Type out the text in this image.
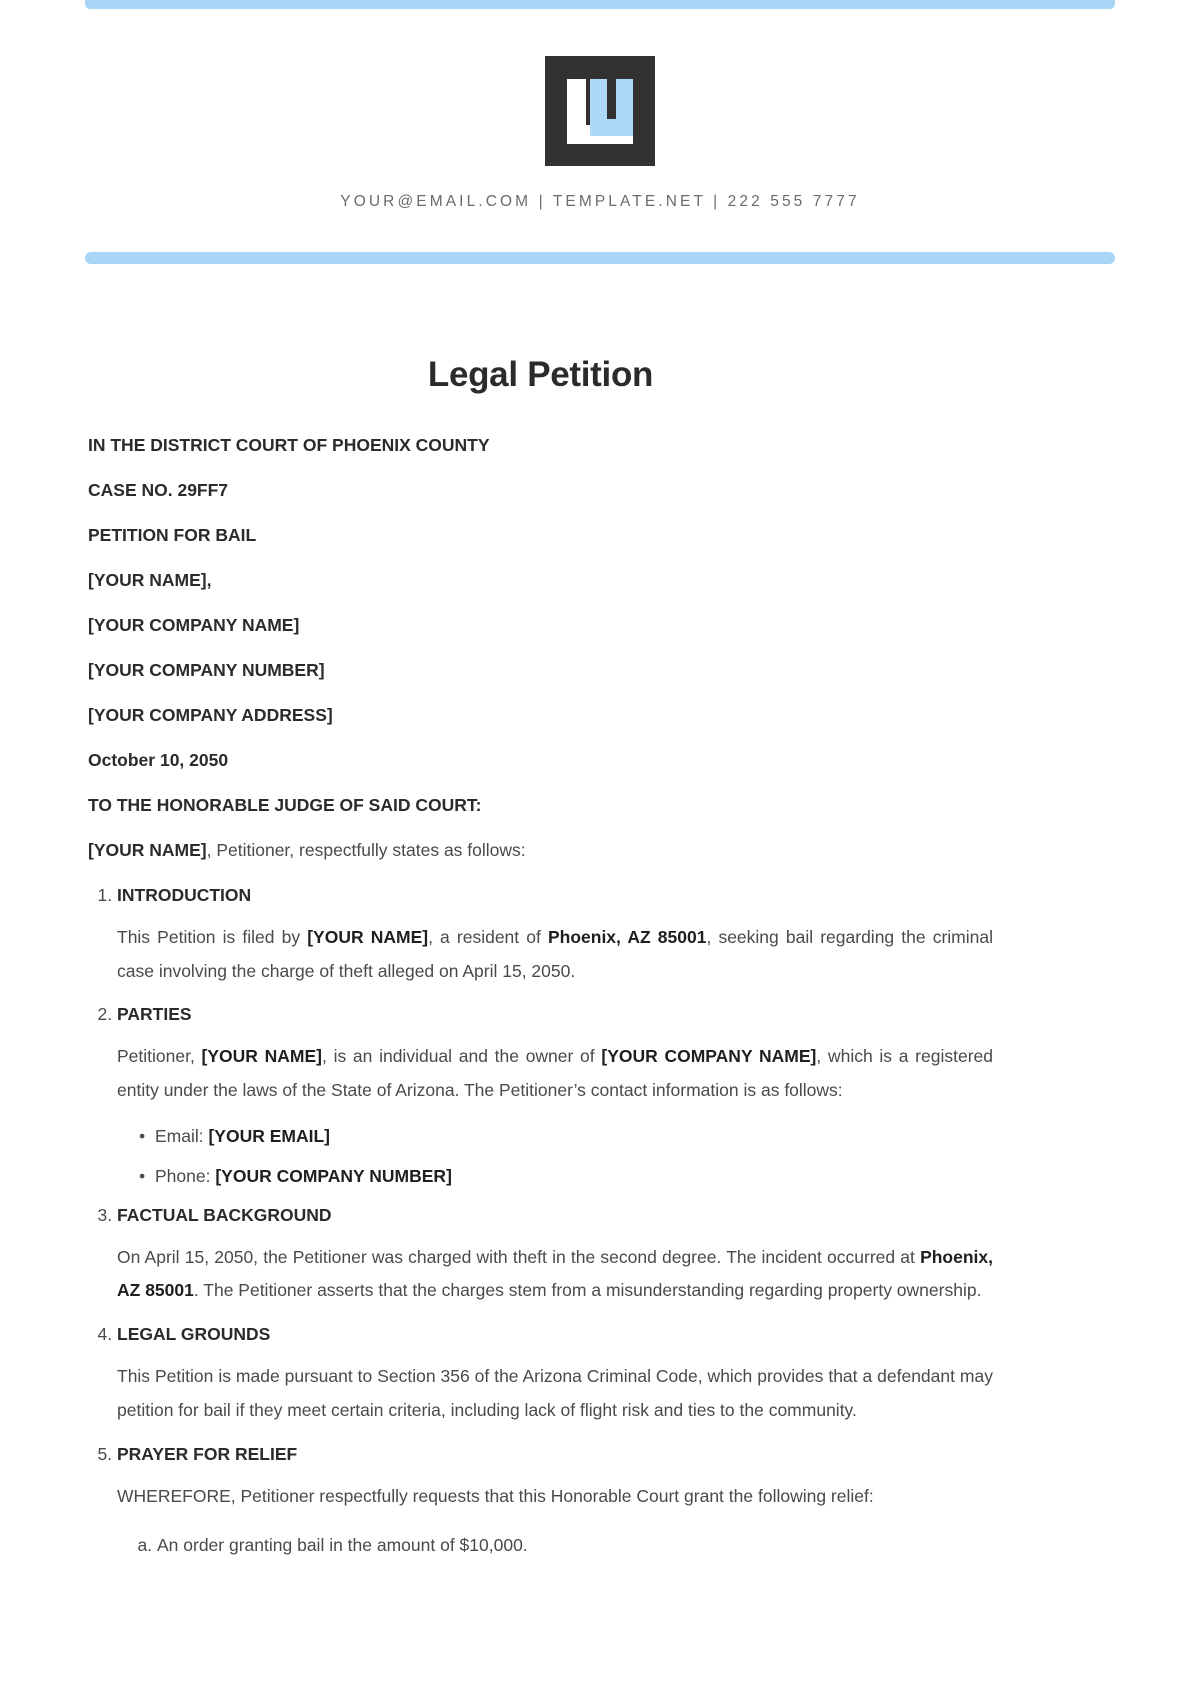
YOUR@EMAIL.COM | TEMPLATE.NET | 222 555 7777
Legal Petition
IN THE DISTRICT COURT OF PHOENIX COUNTY
CASE NO. 29FF7
PETITION FOR BAIL
[YOUR NAME],
[YOUR COMPANY NAME]
[YOUR COMPANY NUMBER]
[YOUR COMPANY ADDRESS]
October 10, 2050
TO THE HONORABLE JUDGE OF SAID COURT:
[YOUR NAME], Petitioner, respectfully states as follows:
1. INTRODUCTION

This Petition is filed by [YOUR NAME], a resident of Phoenix, AZ 85001, seeking bail regarding the criminal case involving the charge of theft alleged on April 15, 2050.

2. PARTIES

Petitioner, [YOUR NAME], is an individual and the owner of [YOUR COMPANY NAME], which is a registered entity under the laws of the State of Arizona. The Petitioner’s contact information is as follows:

• Email: [YOUR EMAIL]
• Phone: [YOUR COMPANY NUMBER]
3. FACTUAL BACKGROUND

On April 15, 2050, the Petitioner was charged with theft in the second degree. The incident occurred at Phoenix, AZ 85001. The Petitioner asserts that the charges stem from a misunderstanding regarding property ownership.

4. LEGAL GROUNDS

This Petition is made pursuant to Section 356 of the Arizona Criminal Code, which provides that a defendant may petition for bail if they meet certain criteria, including lack of flight risk and ties to the community.

5. PRAYER FOR RELIEF

WHEREFORE, Petitioner respectfully requests that this Honorable Court grant the following relief:

a. An order granting bail in the amount of $10,000.
